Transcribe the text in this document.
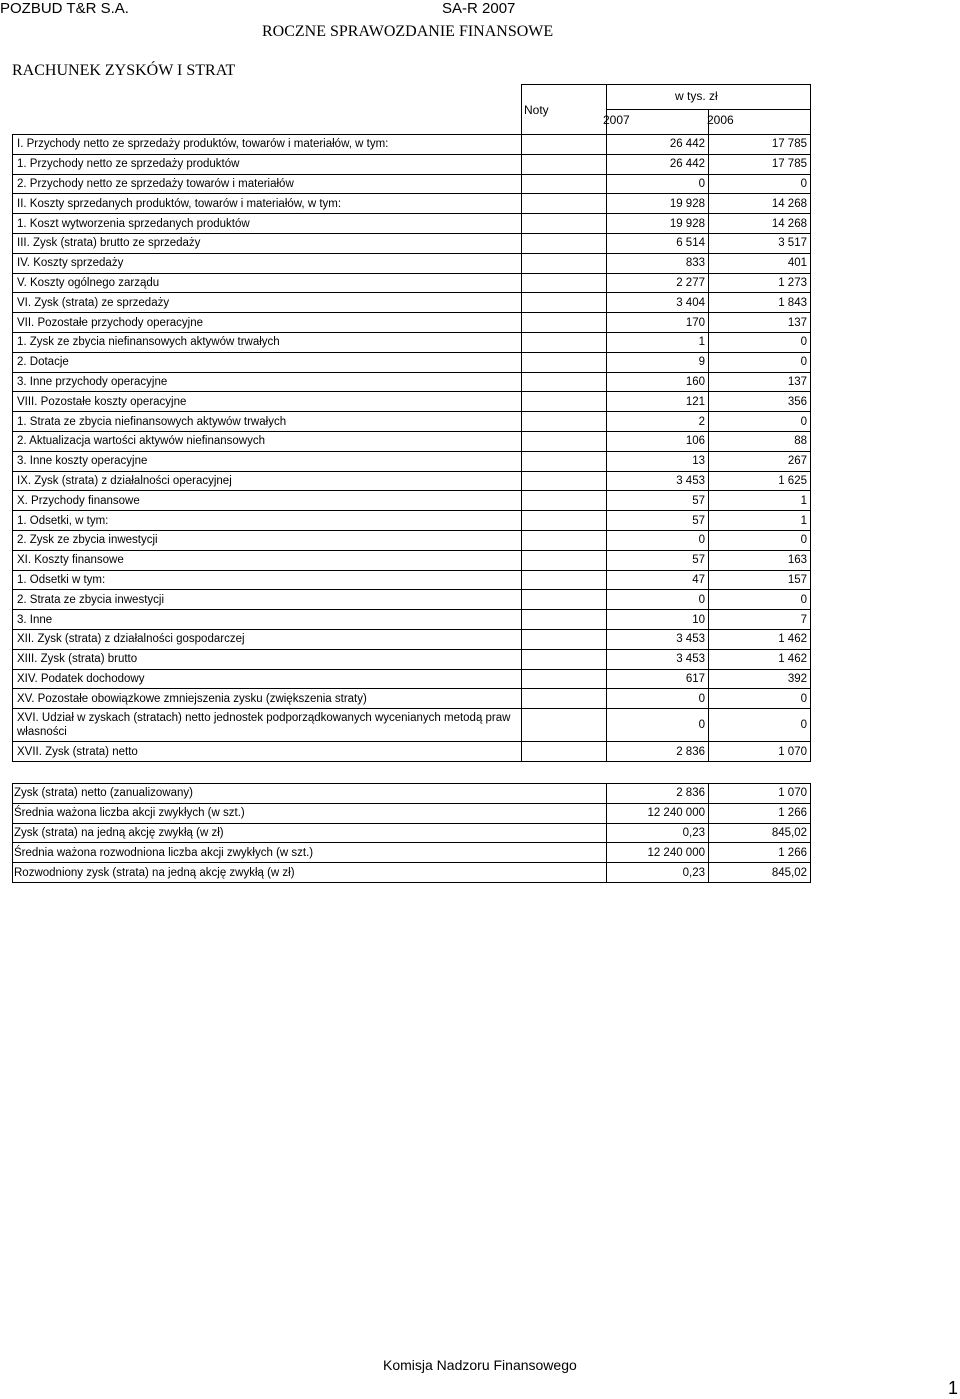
POZBUD T&R S.A.	SA-R 2007
ROCZNE SPRAWOZDANIE FINANSOWE
RACHUNEK ZYSKÓW I STRAT
	Noty	w tys. zł
2007 2006	

I. Przychody netto ze sprzedaży produktów, towarów i materiałów, w tym:		26 442	17 785
1. Przychody netto ze sprzedaży produktów		26 442	17 785
2. Przychody netto ze sprzedaży towarów i materiałów		0	0
II. Koszty sprzedanych produktów, towarów i materiałów, w tym:		19 928	14 268
1. Koszt wytworzenia sprzedanych produktów		19 928	14 268
III. Zysk (strata) brutto ze sprzedaży		6 514	3 517
IV. Koszty sprzedaży		833	401
V. Koszty ogólnego zarządu		2 277	1 273
VI. Zysk (strata) ze sprzedaży		3 404	1 843
VII. Pozostałe przychody operacyjne		170	137
1. Zysk ze zbycia niefinansowych aktywów trwałych		1	0
2. Dotacje		9	0
3. Inne przychody operacyjne		160	137
VIII. Pozostałe koszty operacyjne		121	356
1. Strata ze zbycia niefinansowych aktywów trwałych		2	0
2. Aktualizacja wartości aktywów niefinansowych		106	88
3. Inne koszty operacyjne		13	267
IX. Zysk (strata) z działalności operacyjnej		3 453	1 625
X. Przychody finansowe		57	1
1. Odsetki, w tym:		57	1
2. Zysk ze zbycia inwestycji		0	0
XI. Koszty finansowe		57	163
1. Odsetki w tym:		47	157
2. Strata ze zbycia inwestycji		0	0
3. Inne		10	7
XII. Zysk (strata) z działalności gospodarczej		3 453	1 462
XIII. Zysk (strata) brutto		3 453	1 462
XIV. Podatek dochodowy		617	392
XV. Pozostałe obowiązkowe zmniejszenia zysku (zwiększenia straty)		0	0
XVI. Udział w zyskach (stratach) netto jednostek podporządkowanych wycenianych metodą praw własności		0	0
XVII. Zysk (strata) netto		2 836	1 070
Zysk (strata) netto (zanualizowany)	2 836	1 070
Średnia ważona liczba akcji zwykłych (w szt.)	12 240 000	1 266
Zysk (strata) na jedną akcję zwykłą (w zł)	0,23	845,02
Średnia ważona rozwodniona liczba akcji zwykłych (w szt.)	12 240 000	1 266
Rozwodniony zysk (strata) na jedną akcję zwykłą (w zł)	0,23	845,02
Komisja Nadzoru Finansowego
1
